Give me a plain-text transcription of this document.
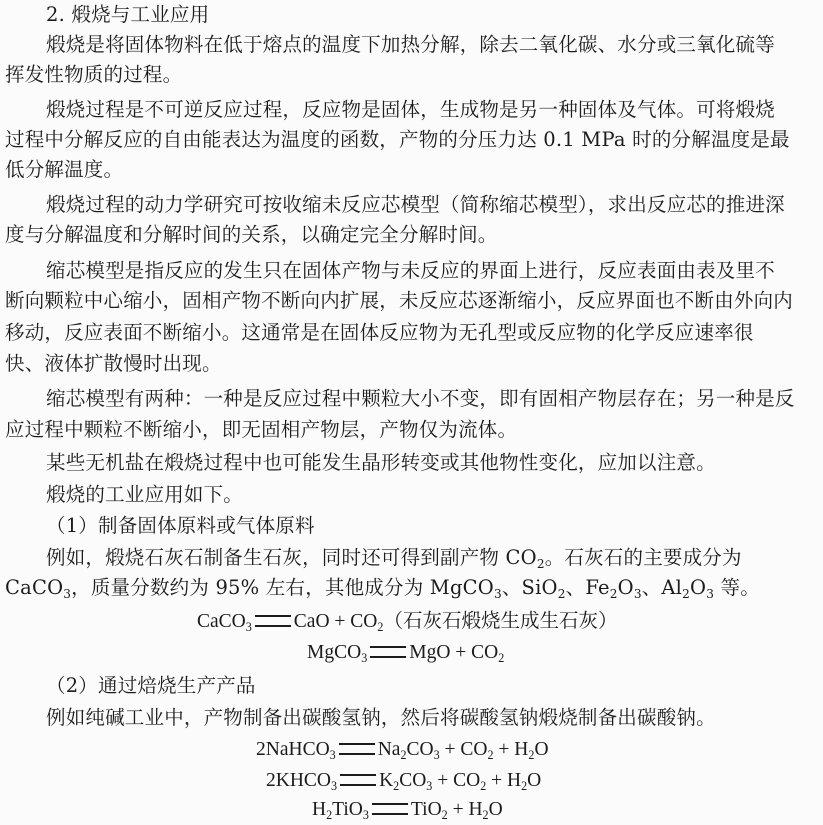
2. 煅烧与工业应用
煅烧是将固体物料在低于熔点的温度下加热分解，除去二氧化碳、水分或三氧化硫等
挥发性物质的过程。
煅烧过程是不可逆反应过程，反应物是固体，生成物是另一种固体及气体。可将煅烧
过程中分解反应的自由能表达为温度的函数，产物的分压力达 0.1 MPa 时的分解温度是最
低分解温度。
煅烧过程的动力学研究可按收缩未反应芯模型（简称缩芯模型），求出反应芯的推进深
度与分解温度和分解时间的关系，以确定完全分解时间。
缩芯模型是指反应的发生只在固体产物与未反应的界面上进行，反应表面由表及里不
断向颗粒中心缩小，固相产物不断向内扩展，未反应芯逐渐缩小，反应界面也不断由外向内
移动，反应表面不断缩小。这通常是在固体反应物为无孔型或反应物的化学反应速率很
快、液体扩散慢时出现。
缩芯模型有两种：一种是反应过程中颗粒大小不变，即有固相产物层存在；另一种是反
应过程中颗粒不断缩小，即无固相产物层，产物仅为流体。
某些无机盐在煅烧过程中也可能发生晶形转变或其他物性变化，应加以注意。
煅烧的工业应用如下。
（1）制备固体原料或气体原料
例如，煅烧石灰石制备生石灰，同时还可得到副产物 $CO_2$。石灰石的主要成分为
CaCO$_3$，质量分数约为 95% 左右，其他成分为 MgCO$_3$、SiO$_2$、$Fe_2O_3$、$Al_2O_3$ 等。
CaCO$_3$ CaO + $CO_2$（石灰石煅烧生成生石灰）
MgCO$_3$ MgO + $CO_2$
（2）通过焙烧生产产品
例如纯碱工业中，产物制备出碳酸氢钠，然后将碳酸氢钠煅烧制备出碳酸钠。
2NaHCO$_3$ $Na_2CO_3 + CO_2 + H_2O$
$2KHCO_3$ $K_2CO_3 + CO_2 + H_2O$
$H_2TiO_3$ $TiO_2 + H_2O$
